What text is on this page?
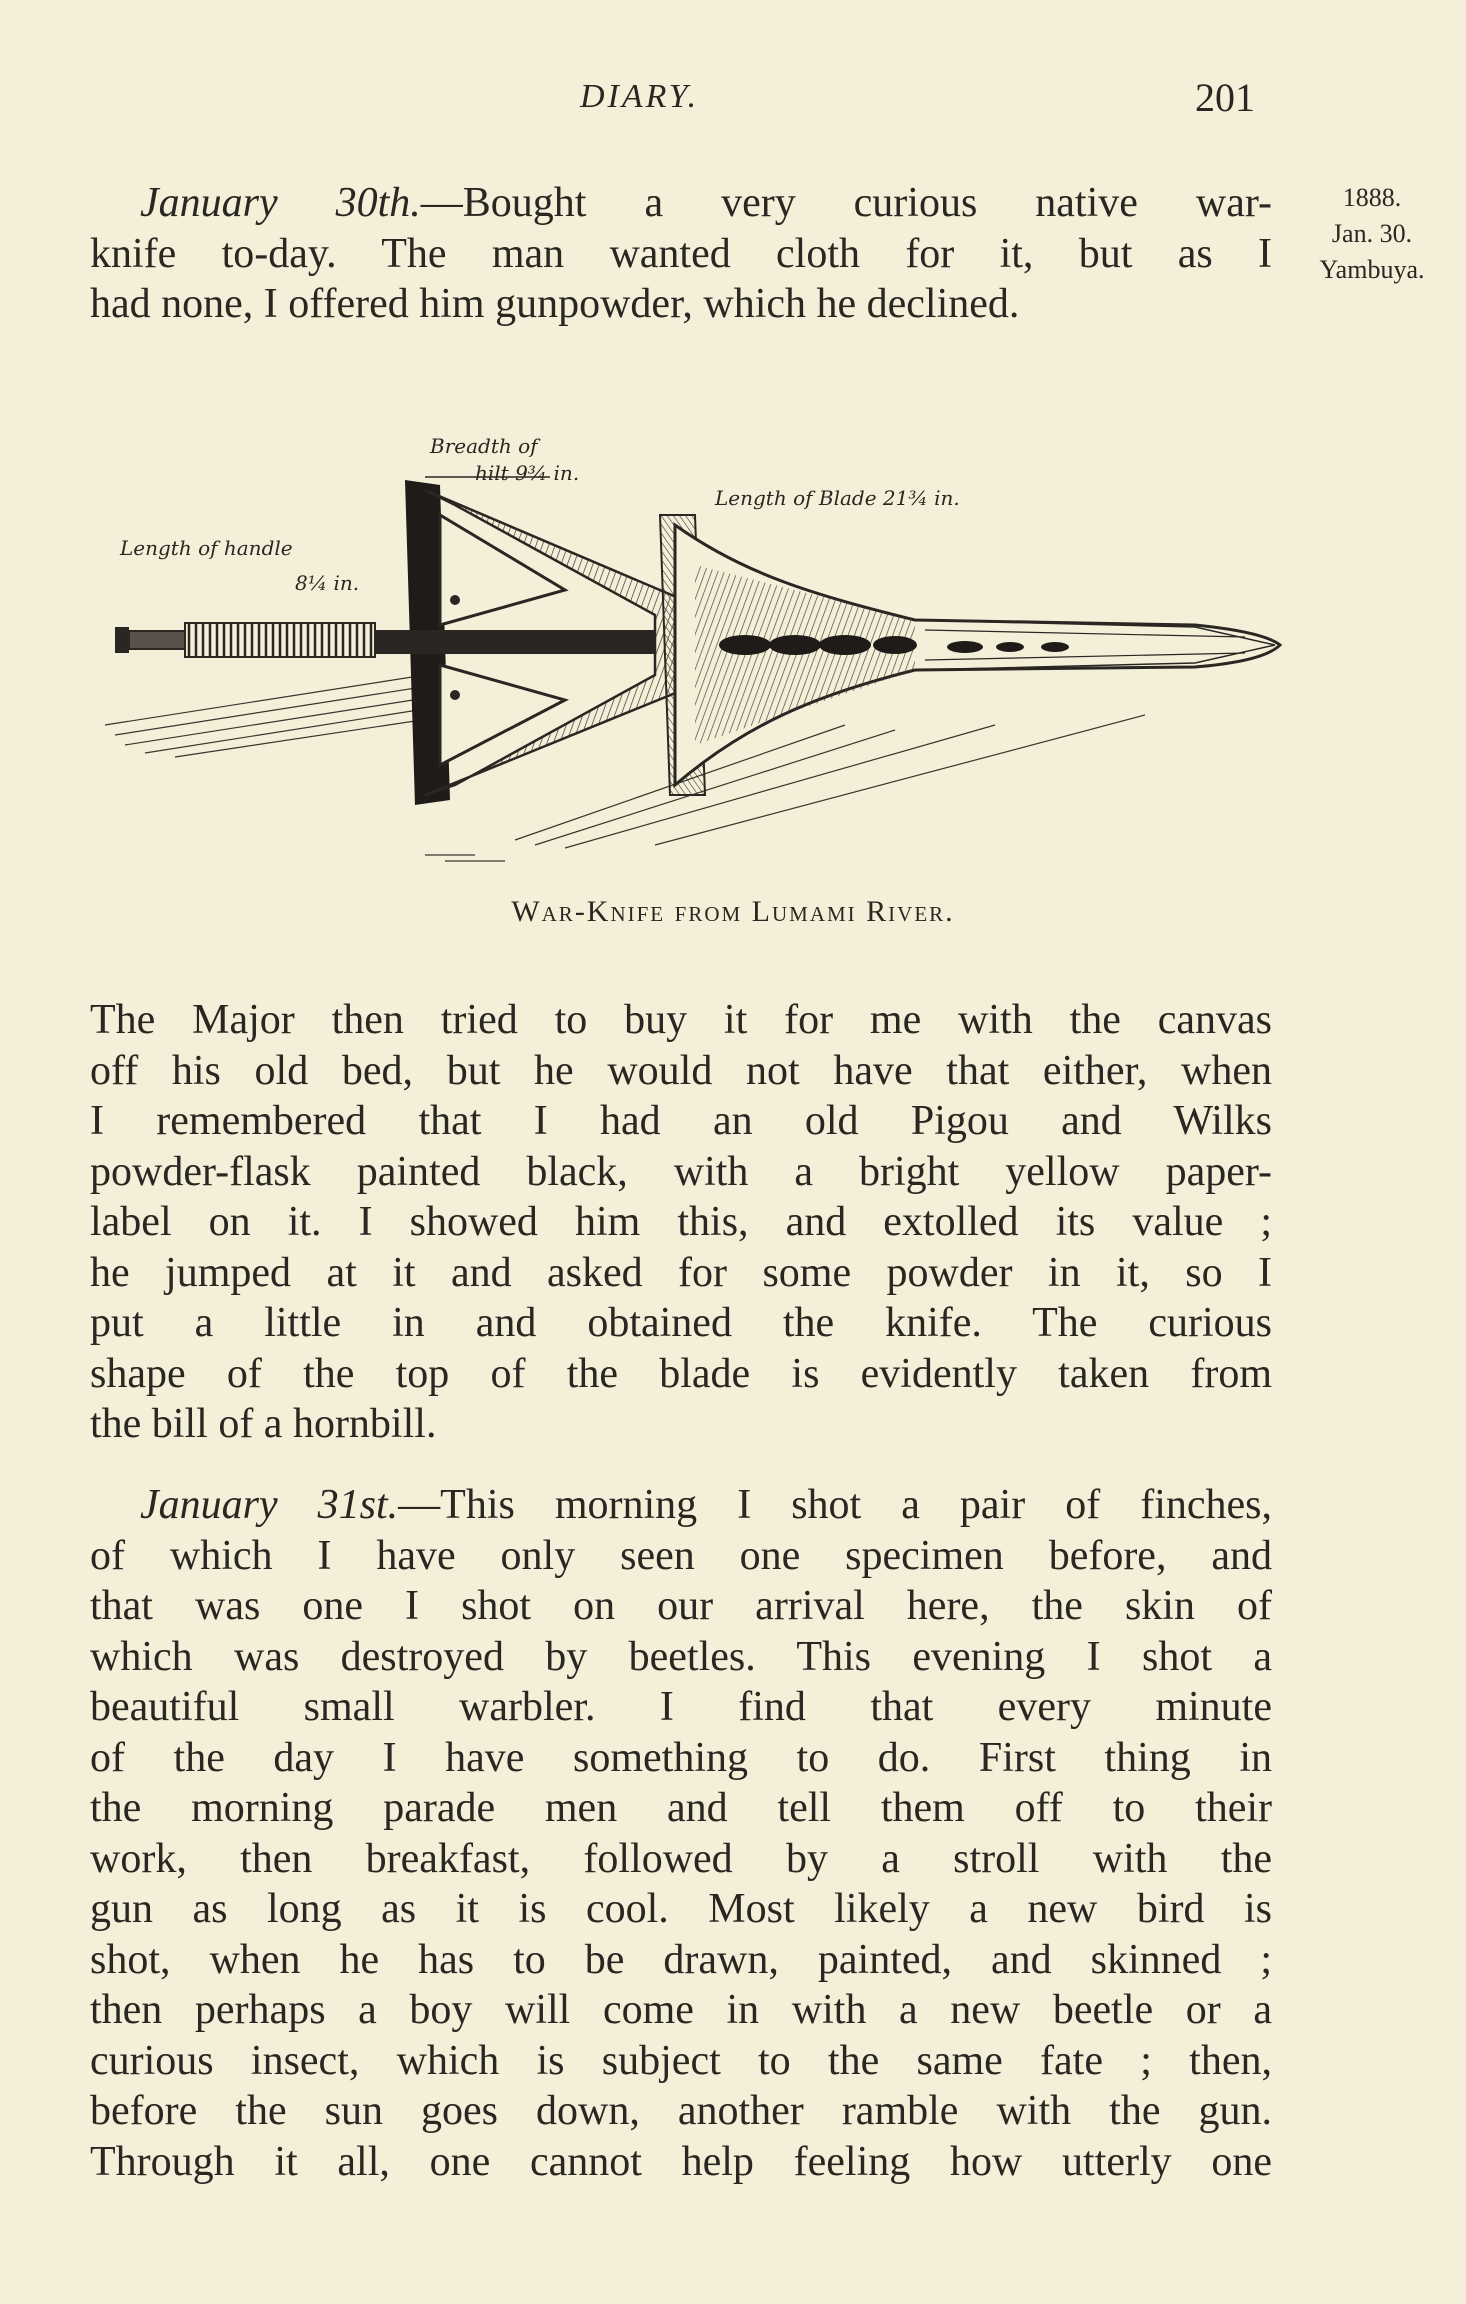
DIARY.	201
1888.
Jan. 30.
Yambuya.
January 30th.—Bought a very curious native war-
knife to-day. The man wanted cloth for it, but as I
had none, I offered him gunpowder, which he declined.
Breadth of
hilt 9¾ in.
Length of Blade 21¾ in.
Length of handle
8¼ in.
War-Knife from Lumami River.
The Major then tried to buy it for me with the canvas
off his old bed, but he would not have that either, when
I remembered that I had an old Pigou and Wilks
powder-flask painted black, with a bright yellow paper-
label on it. I showed him this, and extolled its value ;
he jumped at it and asked for some powder in it, so I
put a little in and obtained the knife. The curious
shape of the top of the blade is evidently taken from
the bill of a hornbill.
January 31st.—This morning I shot a pair of finches,
of which I have only seen one specimen before, and
that was one I shot on our arrival here, the skin of
which was destroyed by beetles. This evening I shot a
beautiful small warbler. I find that every minute
of the day I have something to do. First thing in
the morning parade men and tell them off to their
work, then breakfast, followed by a stroll with the
gun as long as it is cool. Most likely a new bird is
shot, when he has to be drawn, painted, and skinned ;
then perhaps a boy will come in with a new beetle or a
curious insect, which is subject to the same fate ; then,
before the sun goes down, another ramble with the gun.
Through it all, one cannot help feeling how utterly one
